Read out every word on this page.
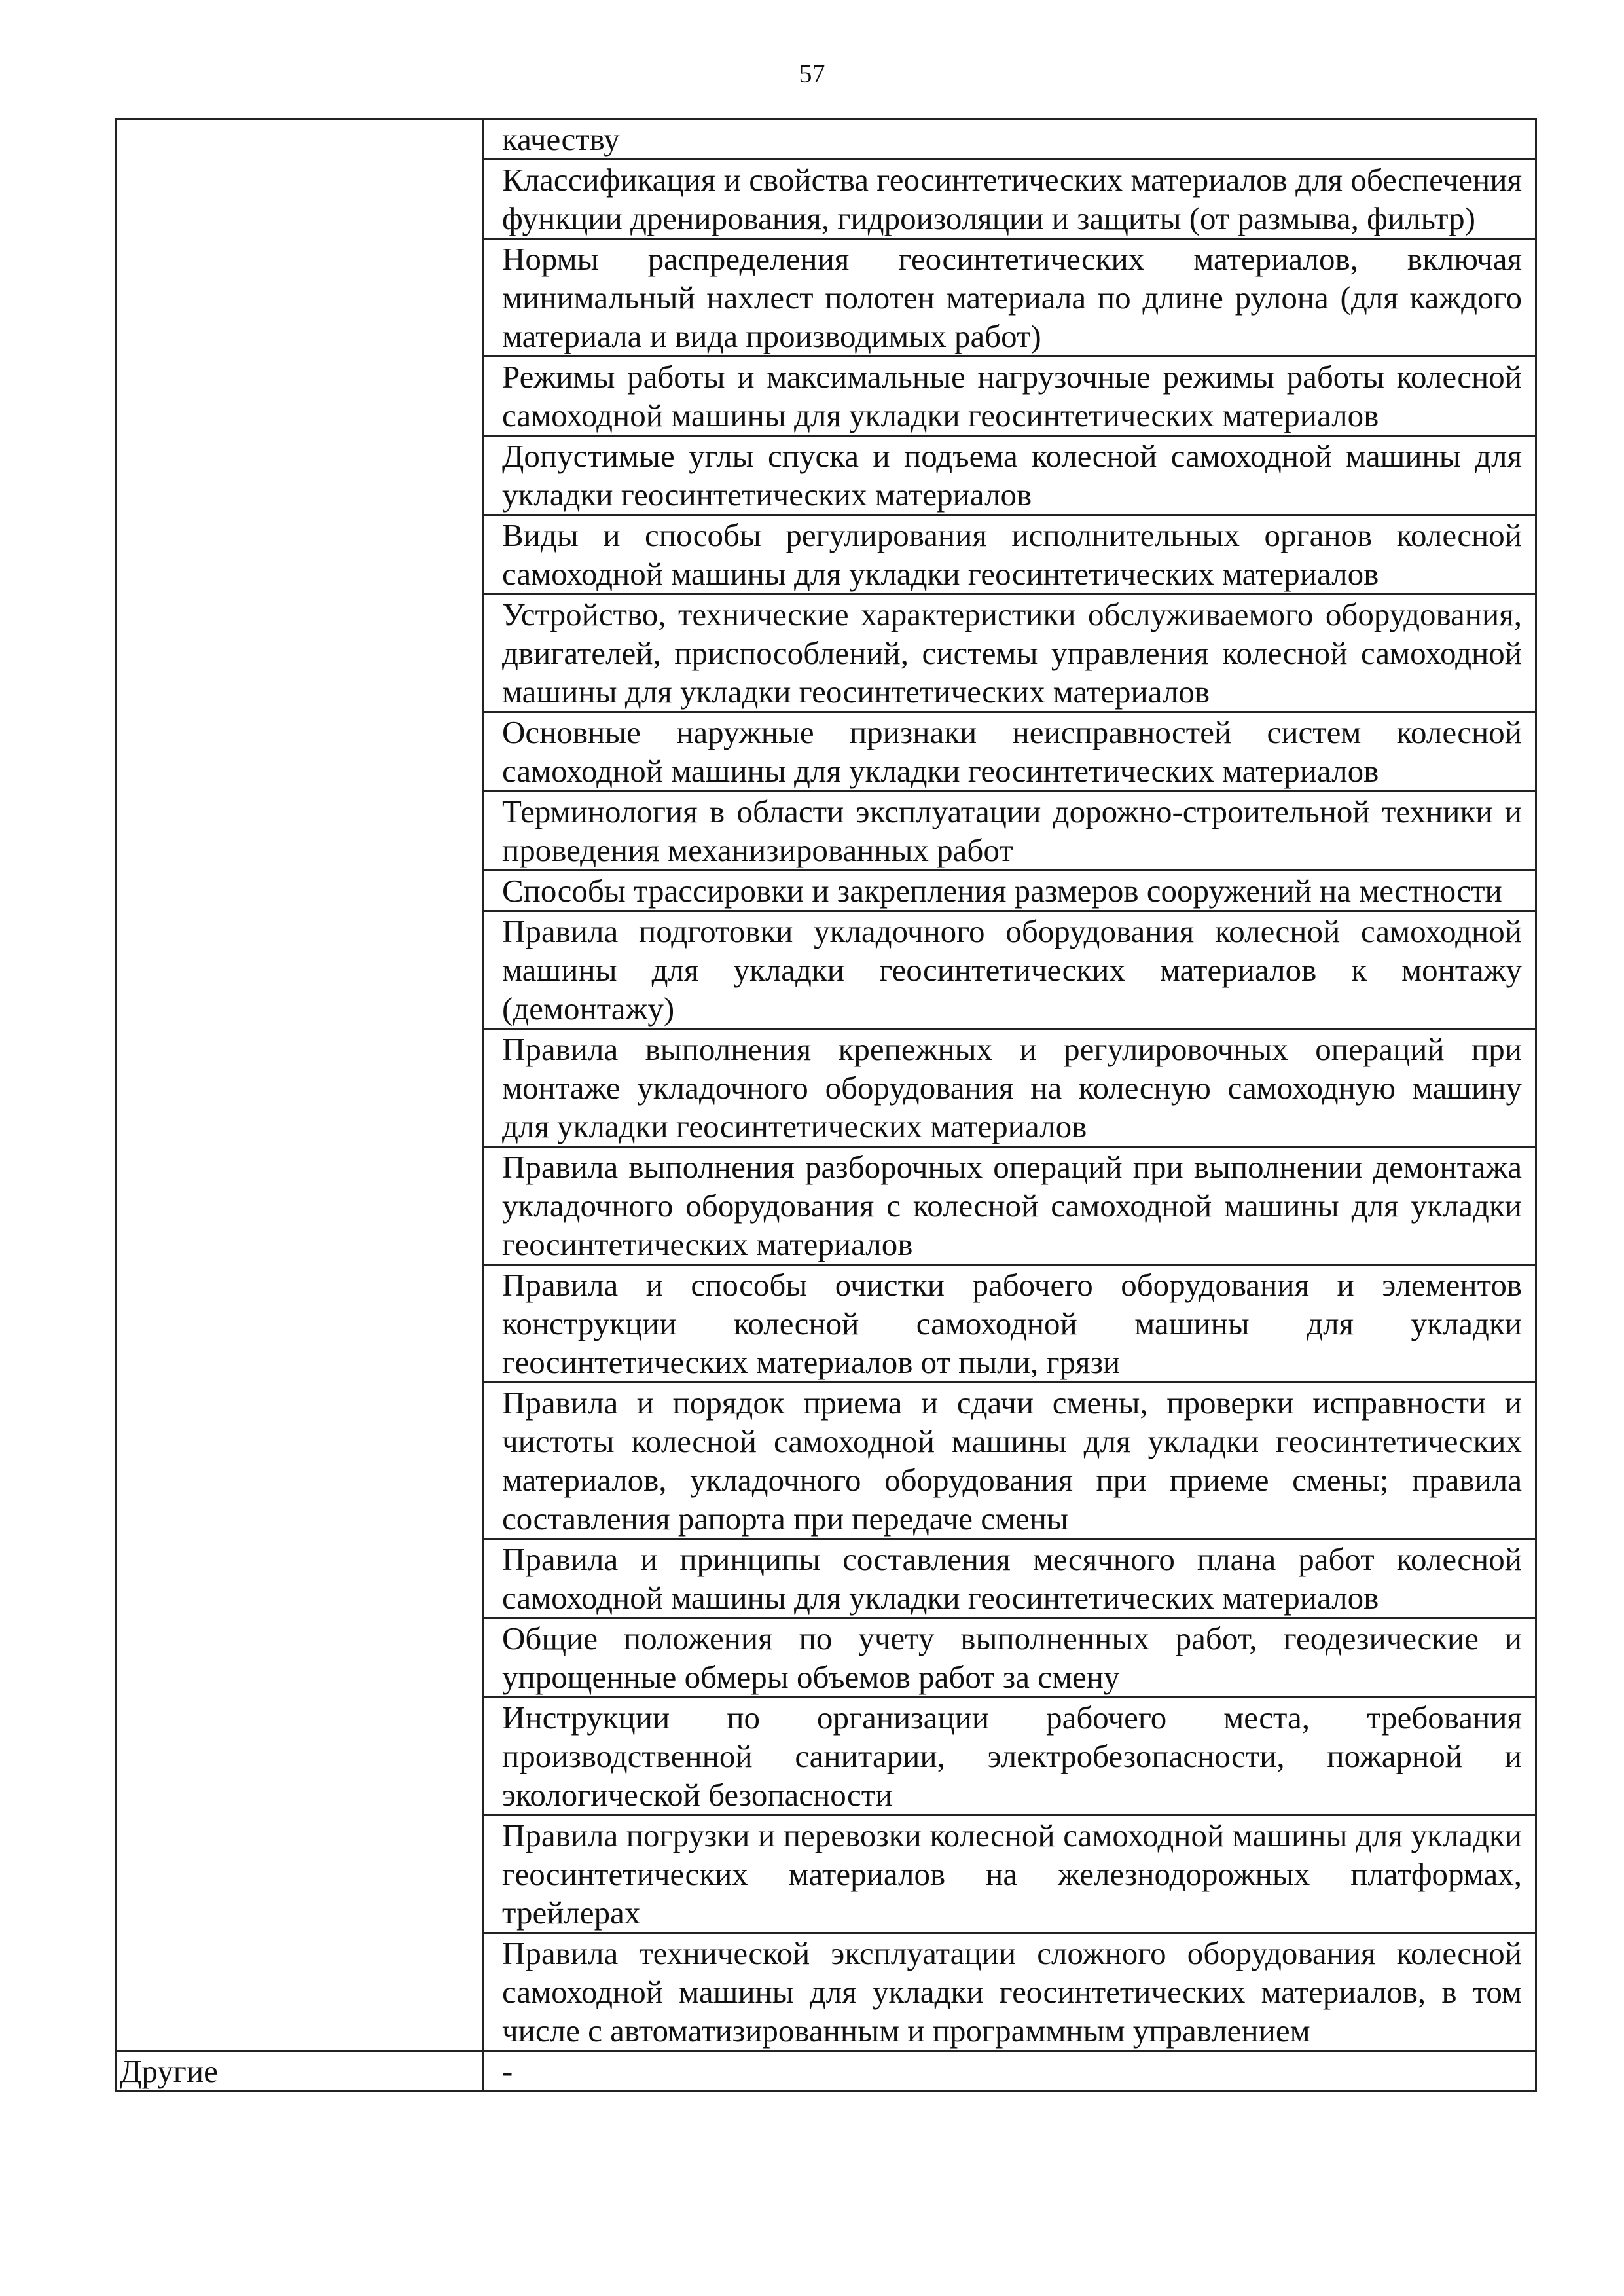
57
	качеству
	Классификация и свойства геосинтетических материалов для обеспечения функции дренирования, гидроизоляции и защиты (от размыва, фильтр)
	Нормы распределения геосинтетических материалов, включая минимальный нахлест полотен материала по длине рулона (для каждого материала и вида производимых работ)
	Режимы работы и максимальные нагрузочные режимы работы колесной самоходной машины для укладки геосинтетических материалов
	Допустимые углы спуска и подъема колесной самоходной машины для укладки геосинтетических материалов
	Виды и способы регулирования исполнительных органов колесной самоходной машины для укладки геосинтетических материалов
	Устройство, технические характеристики обслуживаемого оборудования, двигателей, приспособлений, системы управления колесной самоходной машины для укладки геосинтетических материалов
	Основные наружные признаки неисправностей систем колесной самоходной машины для укладки геосинтетических материалов
	Терминология в области эксплуатации дорожно-строительной техники и проведения механизированных работ
	Способы трассировки и закрепления размеров сооружений на местности
	Правила подготовки укладочного оборудования колесной самоходной машины для укладки геосинтетических материалов к монтажу (демонтажу)
	Правила выполнения крепежных и регулировочных операций при монтаже укладочного оборудования на колесную самоходную машину для укладки геосинтетических материалов
	Правила выполнения разборочных операций при выполнении демонтажа укладочного оборудования с колесной самоходной машины для укладки геосинтетических материалов
	Правила и способы очистки рабочего оборудования и элементов конструкции колесной самоходной машины для укладки геосинтетических материалов от пыли, грязи
	Правила и порядок приема и сдачи смены, проверки исправности и чистоты колесной самоходной машины для укладки геосинтетических материалов, укладочного оборудования при приеме смены; правила составления рапорта при передаче смены
	Правила и принципы составления месячного плана работ колесной самоходной машины для укладки геосинтетических материалов
	Общие положения по учету выполненных работ, геодезические и упрощенные обмеры объемов работ за смену
	Инструкции по организации рабочего места, требования производственной санитарии, электробезопасности, пожарной и экологической безопасности
	Правила погрузки и перевозки колесной самоходной машины для укладки геосинтетических материалов на железнодорожных платформах, трейлерах
	Правила технической эксплуатации сложного оборудования колесной самоходной машины для укладки геосинтетических материалов, в том числе с автоматизированным и программным управлением
Другие	-
